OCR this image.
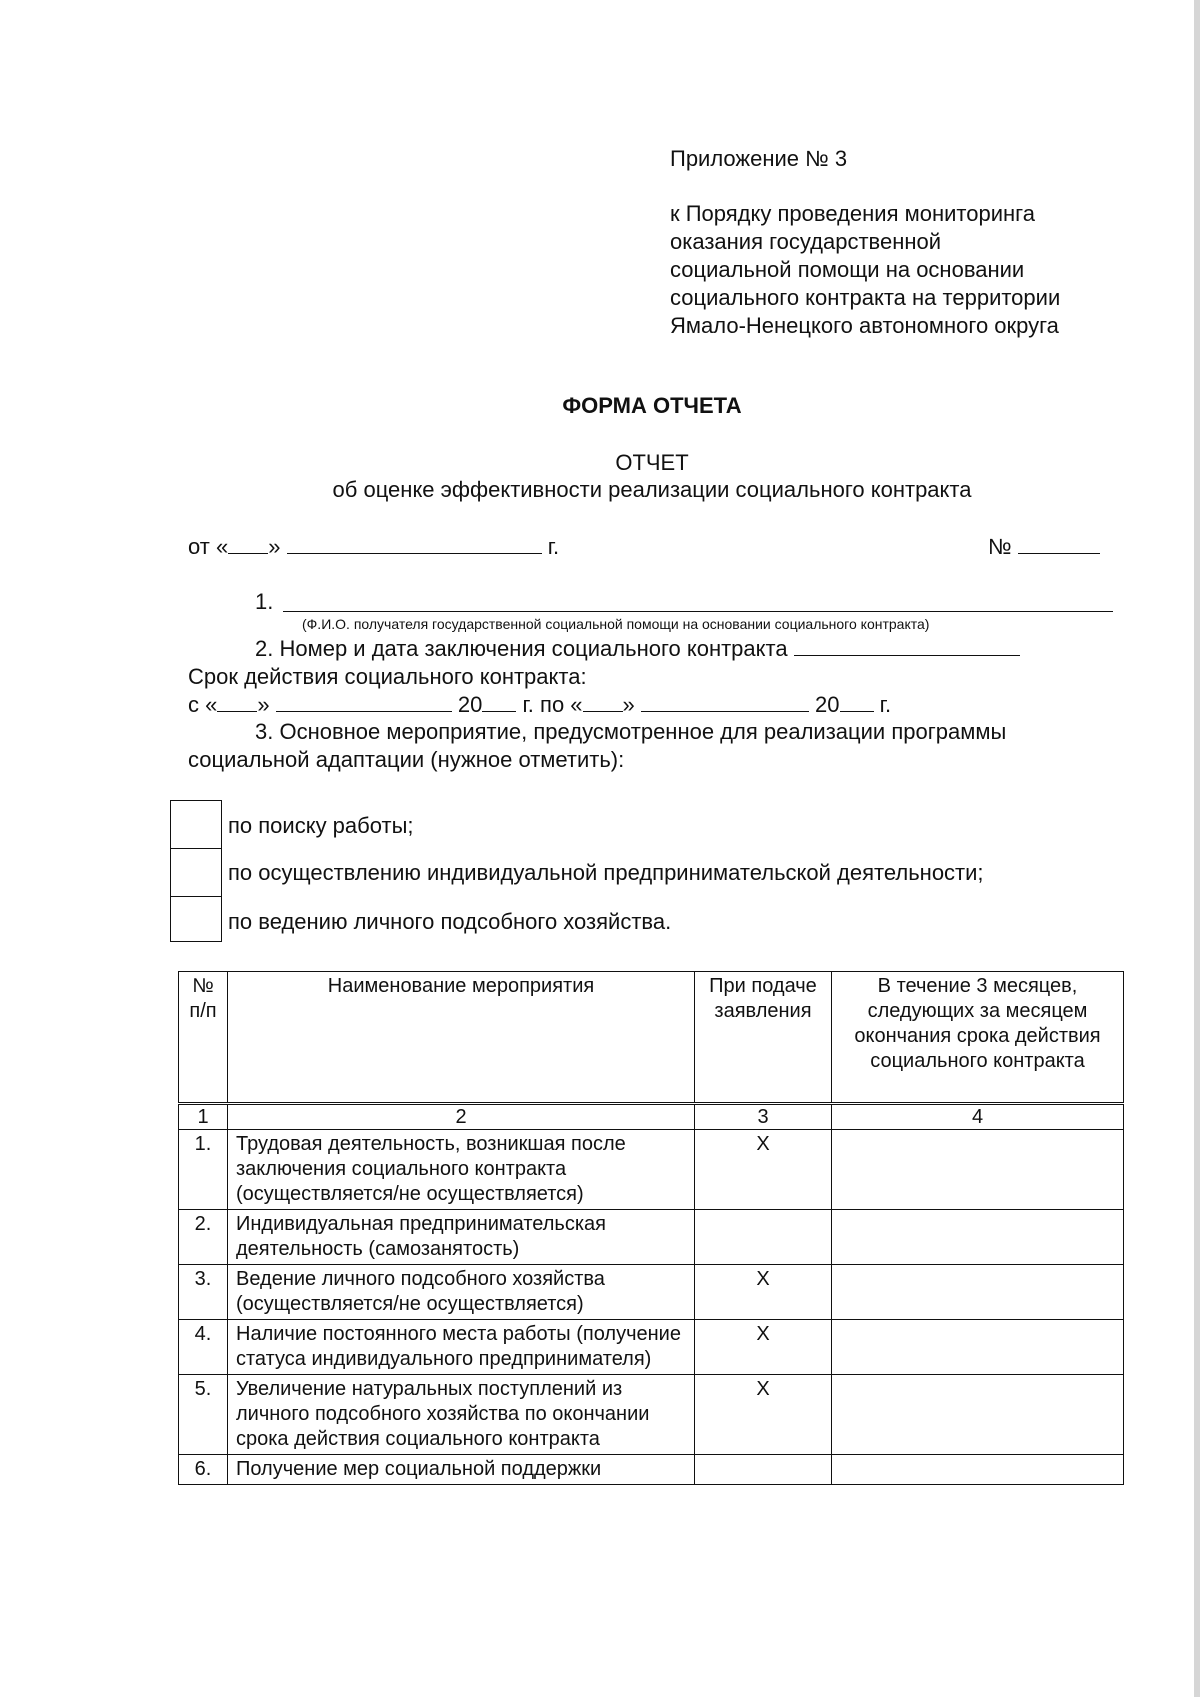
Приложение № 3
к Порядку проведения мониторинга
оказания государственной
социальной помощи на основании
социального контракта на территории
Ямало-Ненецкого автономного округа
ФОРМА ОТЧЕТА
ОТЧЕТ
об оценке эффективности реализации социального контракта
от « »	г.	№
1.
(Ф.И.О. получателя государственной социальной помощи на основании социального контракта)
2. Номер и дата заключения социального контракта
Срок действия социального контракта:
с « »	20 г. по « »	20 г.
3. Основное мероприятие, предусмотренное для реализации программы
социальной адаптации (нужное отметить):
по поиску работы;
по осуществлению индивидуальной предпринимательской деятельности;
по ведению личного подсобного хозяйства.
№ п/п	Наименование мероприятия	При подаче заявления	В течение 3 месяцев, следующих за месяцем окончания срока действия социального контракта
1	2	3	4
1.	Трудовая деятельность, возникшая после заключения социального контракта (осуществляется/не осуществляется)	X	
2.	Индивидуальная предпринимательская деятельность (самозанятость)		
3.	Ведение личного подсобного хозяйства (осуществляется/не осуществляется)	X	
4.	Наличие постоянного места работы (получение статуса индивидуального предпринимателя)	X	
5.	Увеличение натуральных поступлений из личного подсобного хозяйства по окончании срока действия социального контракта	X	
6.	Получение мер социальной поддержки		
